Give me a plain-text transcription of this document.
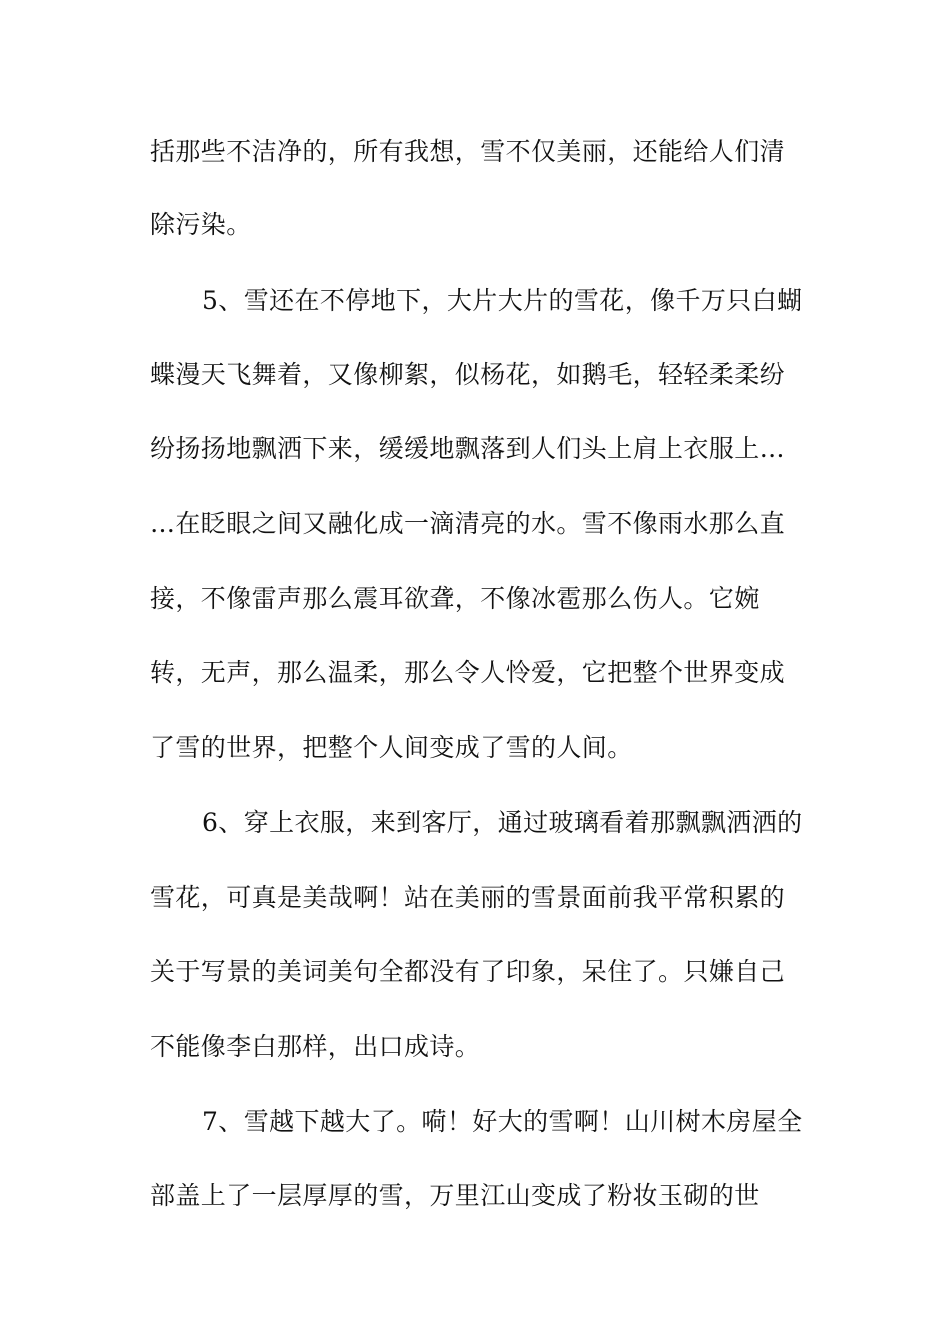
括那些不洁净的，所有我想，雪不仅美丽，还能给人们清

除污染。

5、雪还在不停地下，大片大片的雪花，像千万只白蝴

蝶漫天飞舞着，又像柳絮，似杨花，如鹅毛，轻轻柔柔纷

纷扬扬地飘洒下来，缓缓地飘落到人们头上肩上衣服上…

…在眨眼之间又融化成一滴清亮的水。雪不像雨水那么直

接，不像雷声那么震耳欲聋，不像冰雹那么伤人。它婉

转，无声，那么温柔，那么令人怜爱，它把整个世界变成

了雪的世界，把整个人间变成了雪的人间。

6、穿上衣服，来到客厅，通过玻璃看着那飘飘洒洒的

雪花，可真是美哉啊！站在美丽的雪景面前我平常积累的

关于写景的美词美句全都没有了印象，呆住了。只嫌自己

不能像李白那样，出口成诗。

7、雪越下越大了。嗬！好大的雪啊！山川树木房屋全

部盖上了一层厚厚的雪，万里江山变成了粉妆玉砌的世
